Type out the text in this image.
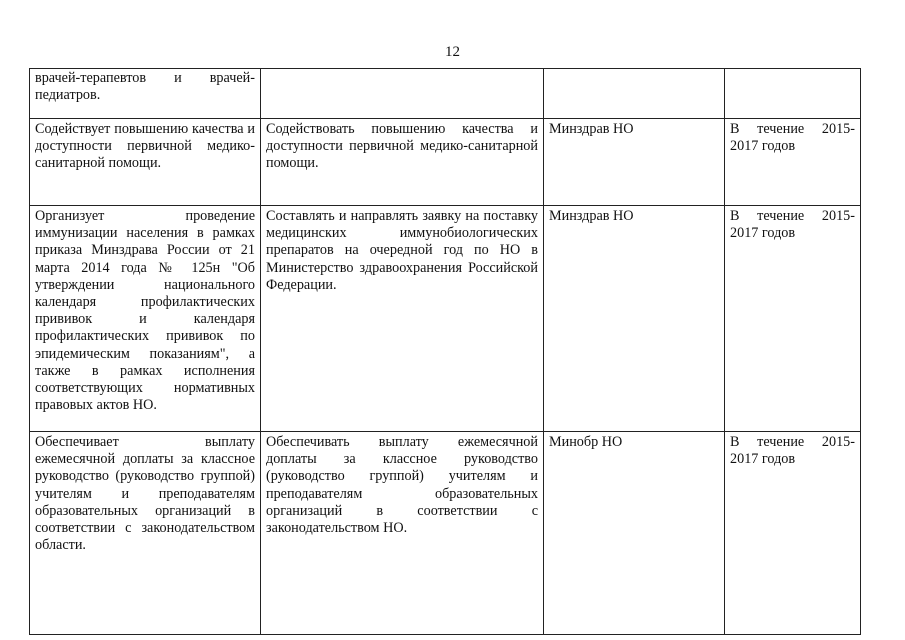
12
врачей-терапевтов и врачей-педиатров.			
Содействует повышению качества и доступности первичной медико-санитарной помощи.	Содействовать повышению качества и доступности первичной медико-санитарной помощи.	Минздрав НО	В течение 2015-2017 годов
Организует проведение иммунизации населения в рамках приказа Минздрава России от 21 марта 2014 года № 125н "Об утверждении национального календаря профилактических прививок и календаря профилактических прививок по эпидемическим показаниям", а также в рамках исполнения соответствующих нормативных правовых актов НО.	Составлять и направлять заявку на поставку медицинских иммунобиологических препаратов на очередной год по НО в Министерство здравоохранения Российской Федерации.	Минздрав НО	В течение 2015-2017 годов
Обеспечивает выплату ежемесячной доплаты за классное руководство (руководство группой) учителям и преподавателям образовательных организаций в соответствии с законодательством области.	Обеспечивать выплату ежемесячной доплаты за классное руководство (руководство группой) учителям и преподавателям образовательных организаций в соответствии с законодательством НО.	Минобр НО	В течение 2015-2017 годов
